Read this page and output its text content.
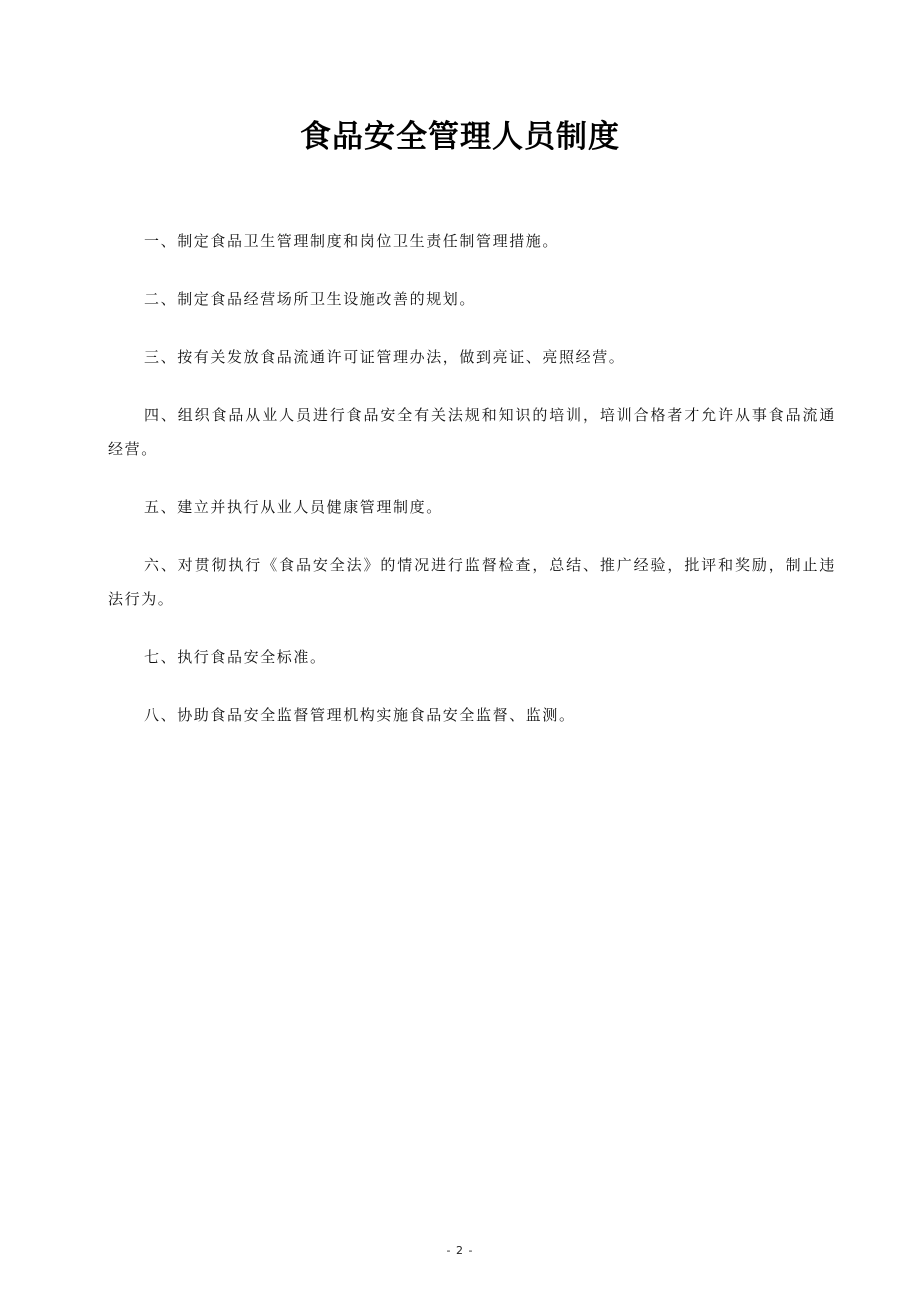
食品安全管理人员制度

一、制定食品卫生管理制度和岗位卫生责任制管理措施。

二、制定食品经营场所卫生设施改善的规划。

三、按有关发放食品流通许可证管理办法，做到亮证、亮照经营。

四、组织食品从业人员进行食品安全有关法规和知识的培训，培训合格者才允许从事食品流通经营。

五、建立并执行从业人员健康管理制度。

六、对贯彻执行《食品安全法》的情况进行监督检查，总结、推广经验，批评和奖励，制止违法行为。

七、执行食品安全标准。

八、协助食品安全监督管理机构实施食品安全监督、监测。

- 2 -
